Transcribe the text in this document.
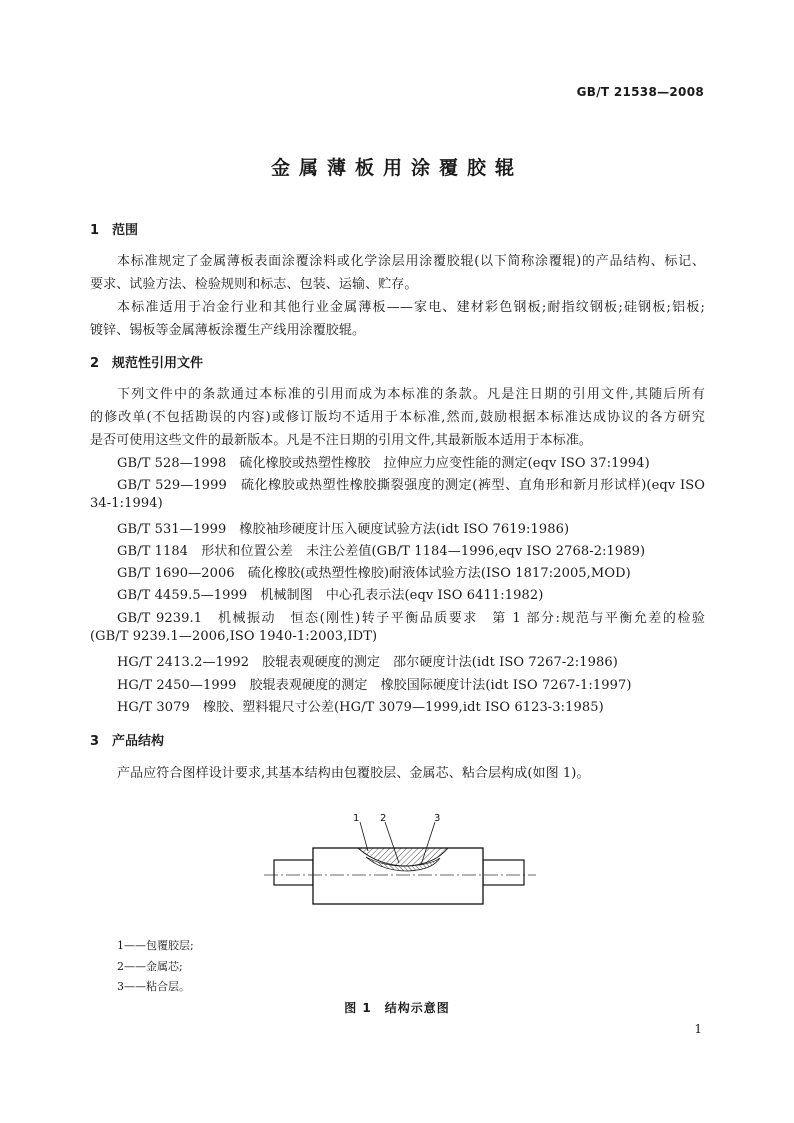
GB/T 21538—2008
金属薄板用涂覆胶辊
1 范围
本标准规定了金属薄板表面涂覆涂料或化学涂层用涂覆胶辊(以下简称涂覆辊)的产品结构、标记、
要求、试验方法、检验规则和标志、包装、运输、贮存。
本标准适用于冶金行业和其他行业金属薄板——家电、建材彩色钢板;耐指纹钢板;硅钢板;铝板;
镀锌、锡板等金属薄板涂覆生产线用涂覆胶辊。
2 规范性引用文件
下列文件中的条款通过本标准的引用而成为本标准的条款。凡是注日期的引用文件,其随后所有
的修改单(不包括勘误的内容)或修订版均不适用于本标准,然而,鼓励根据本标准达成协议的各方研究
是否可使用这些文件的最新版本。凡是不注日期的引用文件,其最新版本适用于本标准。
GB/T 528—1998　硫化橡胶或热塑性橡胶　拉伸应力应变性能的测定(eqv ISO 37:1994)
GB/T 529—1999　硫化橡胶或热塑性橡胶撕裂强度的测定(裤型、直角形和新月形试样)(eqv ISO
34-1:1994)
GB/T 531—1999　橡胶袖珍硬度计压入硬度试验方法(idt ISO 7619:1986)
GB/T 1184　形状和位置公差　未注公差值(GB/T 1184—1996,eqv ISO 2768-2:1989)
GB/T 1690—2006　硫化橡胶(或热塑性橡胶)耐液体试验方法(ISO 1817:2005,MOD)
GB/T 4459.5—1999　机械制图　中心孔表示法(eqv ISO 6411:1982)
GB/T 9239.1　机械振动　恒态(刚性)转子平衡品质要求　第 1 部分:规范与平衡允差的检验
(GB/T 9239.1—2006,ISO 1940-1:2003,IDT)
HG/T 2413.2—1992　胶辊表观硬度的测定　邵尔硬度计法(idt ISO 7267-2:1986)
HG/T 2450—1999　胶辊表观硬度的测定　橡胶国际硬度计法(idt ISO 7267-1:1997)
HG/T 3079　橡胶、塑料辊尺寸公差(HG/T 3079—1999,idt ISO 6123-3:1985)
3 产品结构
产品应符合图样设计要求,其基本结构由包覆胶层、金属芯、粘合层构成(如图 1)。
1 2	3
1——包覆胶层;
2——金属芯;
3——粘合层。
图 1　结构示意图
1
